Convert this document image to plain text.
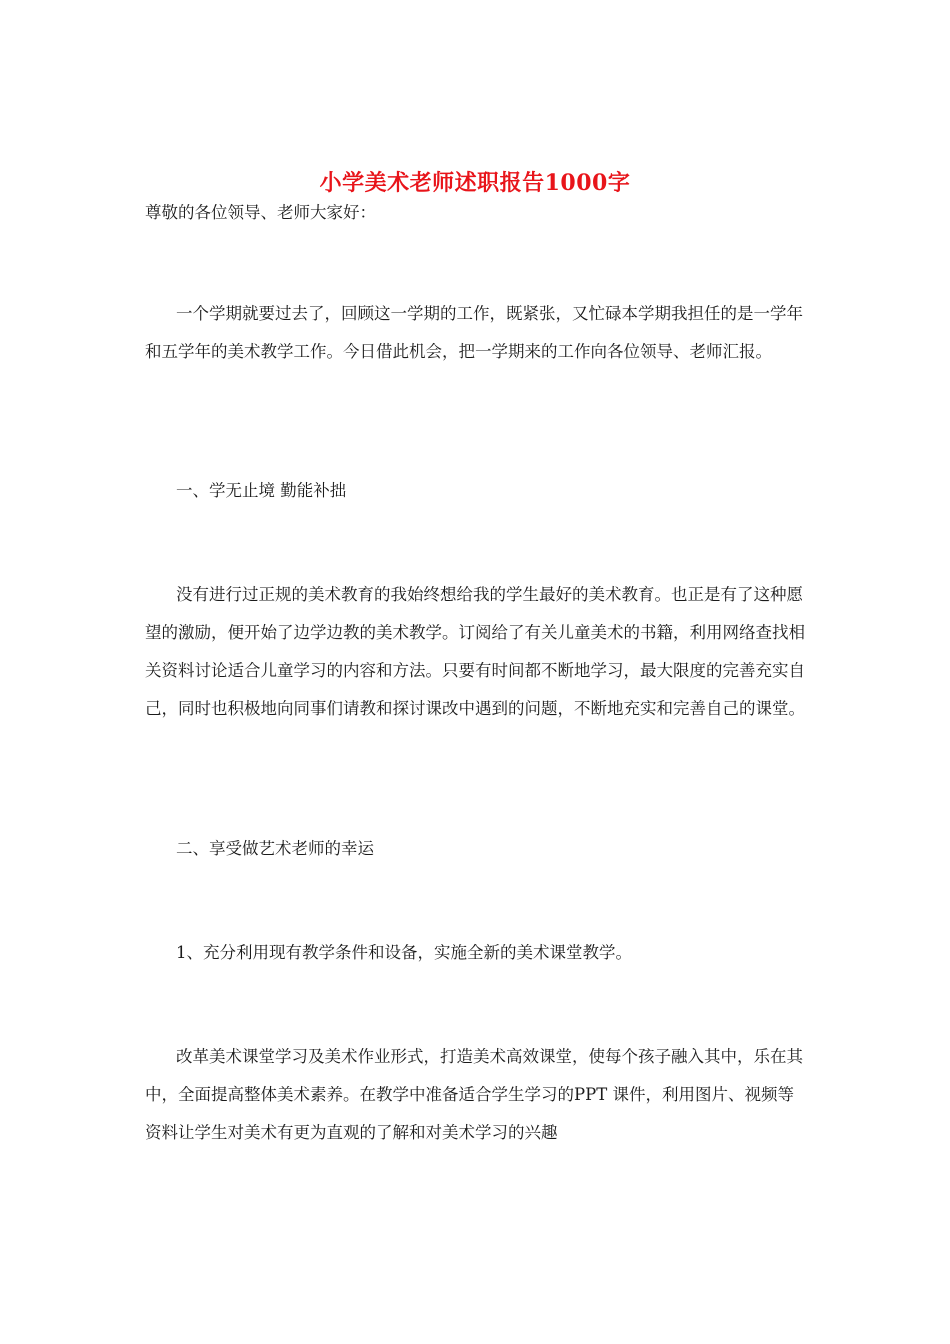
小学美术老师述职报告1000字

尊敬的各位领导、老师大家好：

一个学期就要过去了，回顾这一学期的工作，既紧张，又忙碌本学期我担任的是一学年和五学年的美术教学工作。今日借此机会，把一学期来的工作向各位领导、老师汇报。

一、学无止境 勤能补拙

没有进行过正规的美术教育的我始终想给我的学生最好的美术教育。也正是有了这种愿望的激励，便开始了边学边教的美术教学。订阅给了有关儿童美术的书籍，利用网络查找相关资料讨论适合儿童学习的内容和方法。只要有时间都不断地学习，最大限度的完善充实自己，同时也积极地向同事们请教和探讨课改中遇到的问题，不断地充实和完善自己的课堂。

二、享受做艺术老师的幸运

1、充分利用现有教学条件和设备，实施全新的美术课堂教学。

改革美术课堂学习及美术作业形式，打造美术高效课堂，使每个孩子融入其中，乐在其中，全面提高整体美术素养。在教学中准备适合学生学习的PPT 课件，利用图片、视频等资料让学生对美术有更为直观的了解和对美术学习的兴趣
